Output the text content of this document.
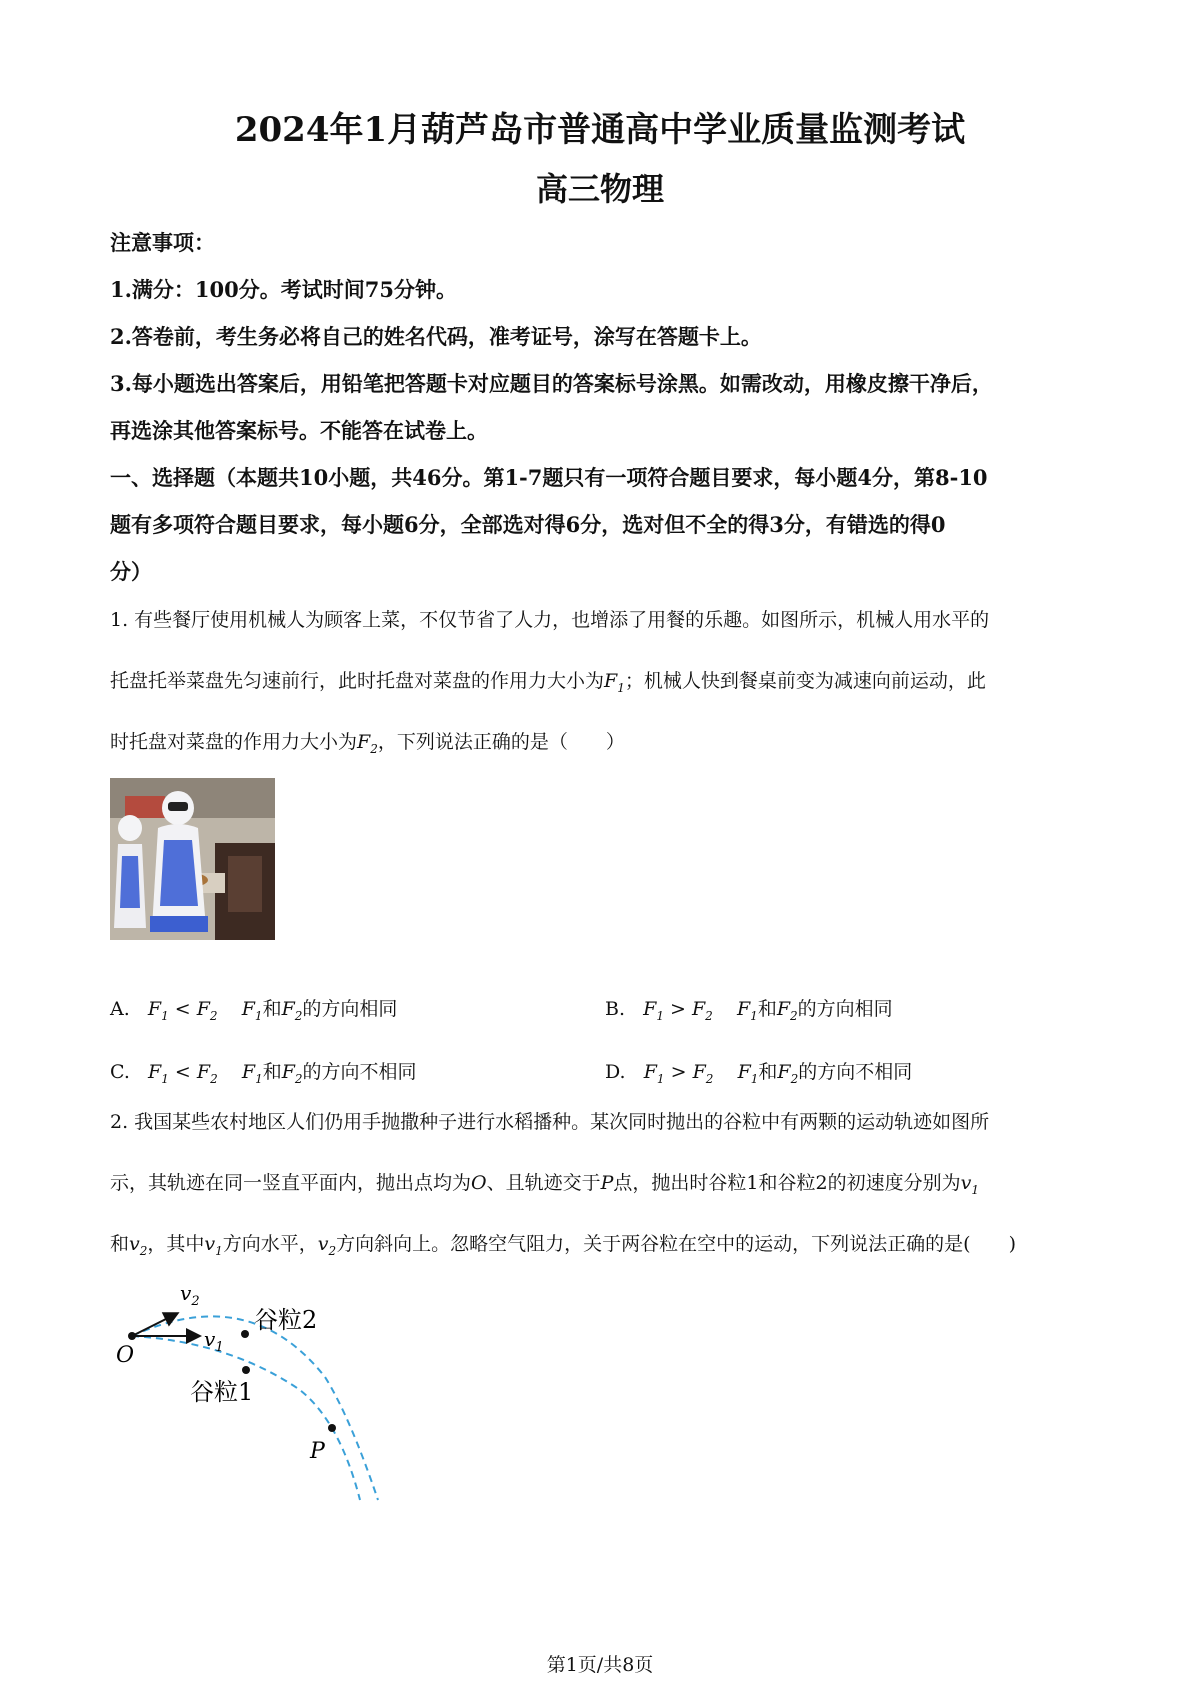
2024年1月葫芦岛市普通高中学业质量监测考试
高三物理
注意事项：
1.满分：100分。考试时间75分钟。
2.答卷前，考生务必将自己的姓名代码，准考证号，涂写在答题卡上。
3.每小题选出答案后，用铅笔把答题卡对应题目的答案标号涂黑。如需改动，用橡皮擦干净后，
再选涂其他答案标号。不能答在试卷上。
一、选择题（本题共10小题，共46分。第1-7题只有一项符合题目要求，每小题4分，第8-10
题有多项符合题目要求，每小题6分，全部选对得6分，选对但不全的得3分，有错选的得0
分）
1. 有些餐厅使用机械人为顾客上菜，不仅节省了人力，也增添了用餐的乐趣。如图所示，机械人用水平的
托盘托举菜盘先匀速前行，此时托盘对菜盘的作用力大小为$F_1$；机械人快到餐桌前变为减速向前运动，此
时托盘对菜盘的作用力大小为$F_2$，下列说法正确的是（　　）
A. $F_1 < F_2$ $F_1$和$F_2$的方向相同	B. $F_1 > F_2$ $F_1$和$F_2$的方向相同
C. $F_1 < F_2$ $F_1$和$F_2$的方向不相同	D. $F_1 > F_2$ $F_1$和$F_2$的方向不相同
2. 我国某些农村地区人们仍用手抛撒种子进行水稻播种。某次同时抛出的谷粒中有两颗的运动轨迹如图所
示，其轨迹在同一竖直平面内，抛出点均为O、且轨迹交于P点，抛出时谷粒1和谷粒2的初速度分别为$v_1$
和$v_2$，其中$v_1$方向水平，$v_2$方向斜向上。忽略空气阻力，关于两谷粒在空中的运动，下列说法正确的是(　　)
O
P
$v_1$
$v_2$
谷粒2
谷粒1
第1页/共8页
